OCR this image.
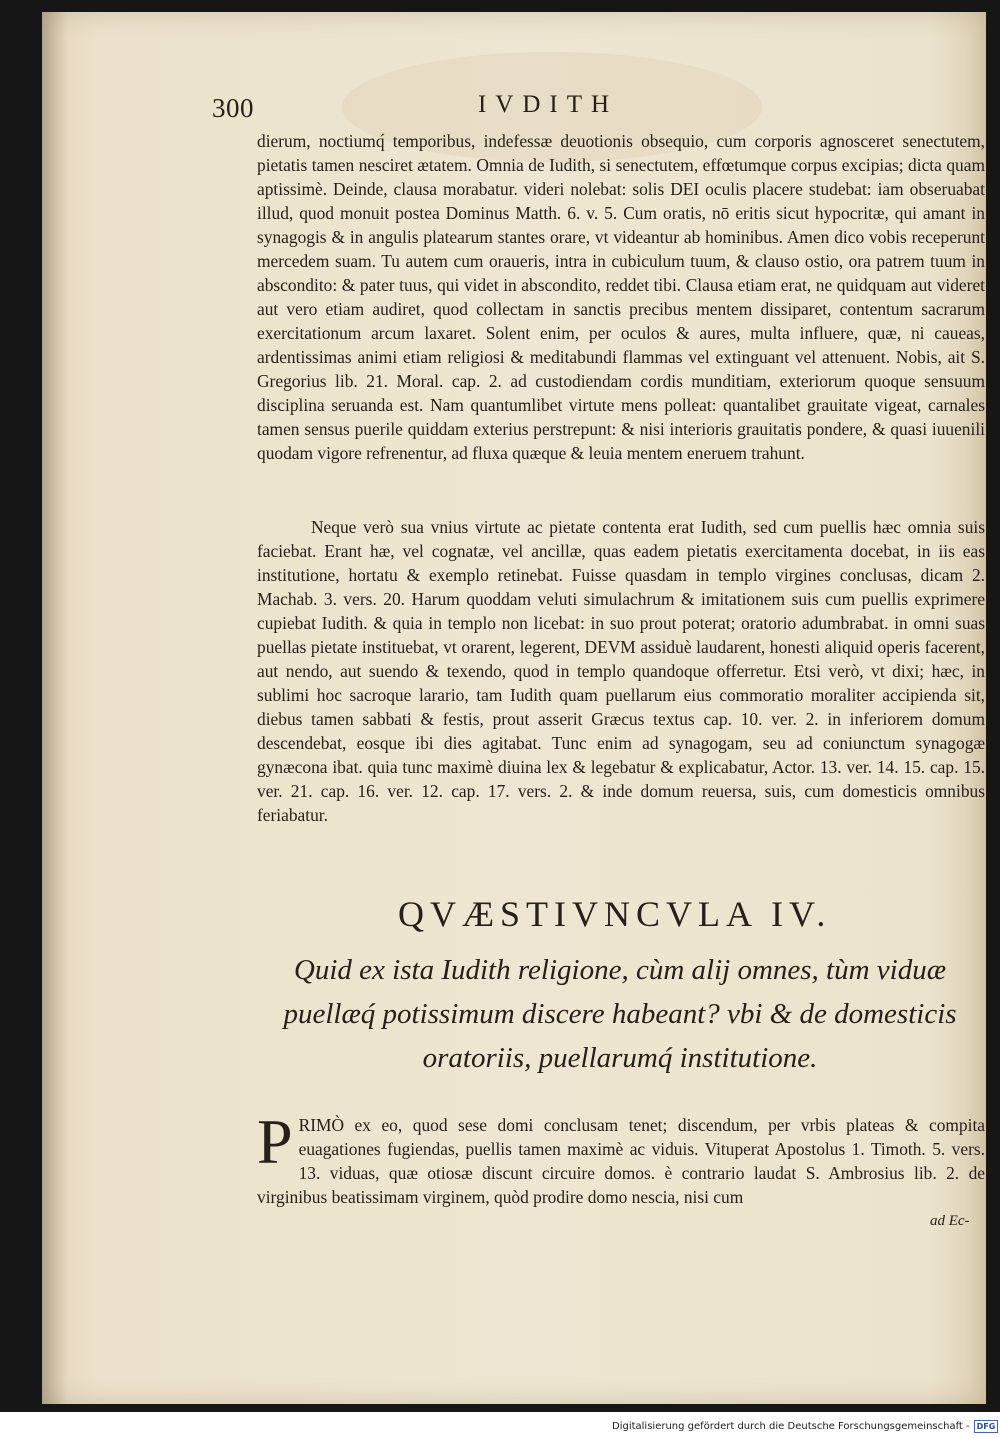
300	IVDITH

dierum, noctiumq́ temporibus, indefessæ deuotionis obsequio, cum corporis agnosceret senectutem, pietatis tamen nesciret ætatem. Omnia de Iudith, si senectutem, effœtumque corpus excipias; dicta quam aptissimè. Deinde, clausa morabatur. videri nolebat: solis DEI oculis placere studebat: iam obseruabat illud, quod monuit postea Dominus Matth. 6. v. 5. Cum oratis, nō eritis sicut hypocritæ, qui amant in synagogis & in angulis platearum stantes orare, vt videantur ab hominibus. Amen dico vobis receperunt mercedem suam. Tu autem cum oraueris, intra in cubiculum tuum, & clauso ostio, ora patrem tuum in abscondito: & pater tuus, qui videt in abscondito, reddet tibi. Clausa etiam erat, ne quidquam aut videret aut vero etiam audiret, quod collectam in sanctis precibus mentem dissiparet, contentum sacrarum exercitationum arcum laxaret. Solent enim, per oculos & aures, multa influere, quæ, ni caueas, ardentissimas animi etiam religiosi & meditabundi flammas vel extinguant vel attenuent. Nobis, ait S. Gregorius lib. 21. Moral. cap. 2. ad custodiendam cordis munditiam, exteriorum quoque sensuum disciplina seruanda est. Nam quantumlibet virtute mens polleat: quantalibet grauitate vigeat, carnales tamen sensus puerile quiddam exterius perstrepunt: & nisi interioris grauitatis pondere, & quasi iuuenili quodam vigore refrenentur, ad fluxa quæque & leuia mentem eneruem trahunt.

Neque verò sua vnius virtute ac pietate contenta erat Iudith, sed cum puellis hæc omnia suis faciebat. Erant hæ, vel cognatæ, vel ancillæ, quas eadem pietatis exercitamenta docebat, in iis eas institutione, hortatu & exemplo retinebat. Fuisse quasdam in templo virgines conclusas, dicam 2. Machab. 3. vers. 20. Harum quoddam veluti simulachrum & imitationem suis cum puellis exprimere cupiebat Iudith. & quia in templo non licebat: in suo prout poterat; oratorio adumbrabat. in omni suas puellas pietate instituebat, vt orarent, legerent, DEVM assiduè laudarent, honesti aliquid operis facerent, aut nendo, aut suendo & texendo, quod in templo quandoque offerretur. Etsi verò, vt dixi; hæc, in sublimi hoc sacroque larario, tam Iudith quam puellarum eius commoratio moraliter accipienda sit, diebus tamen sabbati & festis, prout asserit Græcus textus cap. 10. ver. 2. in inferiorem domum descendebat, eosque ibi dies agitabat. Tunc enim ad synagogam, seu ad coniunctum synagogæ gynæcona ibat. quia tunc maximè diuina lex & legebatur & explicabatur, Actor. 13. ver. 14. 15. cap. 15. ver. 21. cap. 16. ver. 12. cap. 17. vers. 2. & inde domum reuersa, suis, cum domesticis omnibus feriabatur.

QVÆSTIVNCVLA IV.
Quid ex ista Iudith religione, cùm alij omnes, tùm viduæ puellæq́ potissimum discere habeant? vbi & de domesticis oratoriis, puellarumq́ institutione.
P RIMÒ ex eo, quod sese domi conclusam tenet; discendum, per vrbis plateas & compita euagationes fugiendas, puellis tamen maximè ac viduis. Vituperat Apostolus 1. Timoth. 5. vers. 13. viduas, quæ otiosæ discunt circuire domos. è contrario laudat S. Ambrosius lib. 2. de virginibus beatissimam virginem, quòd prodire domo nescia, nisi cum

ad Ec-
Digitalisierung gefördert durch die Deutsche Forschungsgemeinschaft - DFG
